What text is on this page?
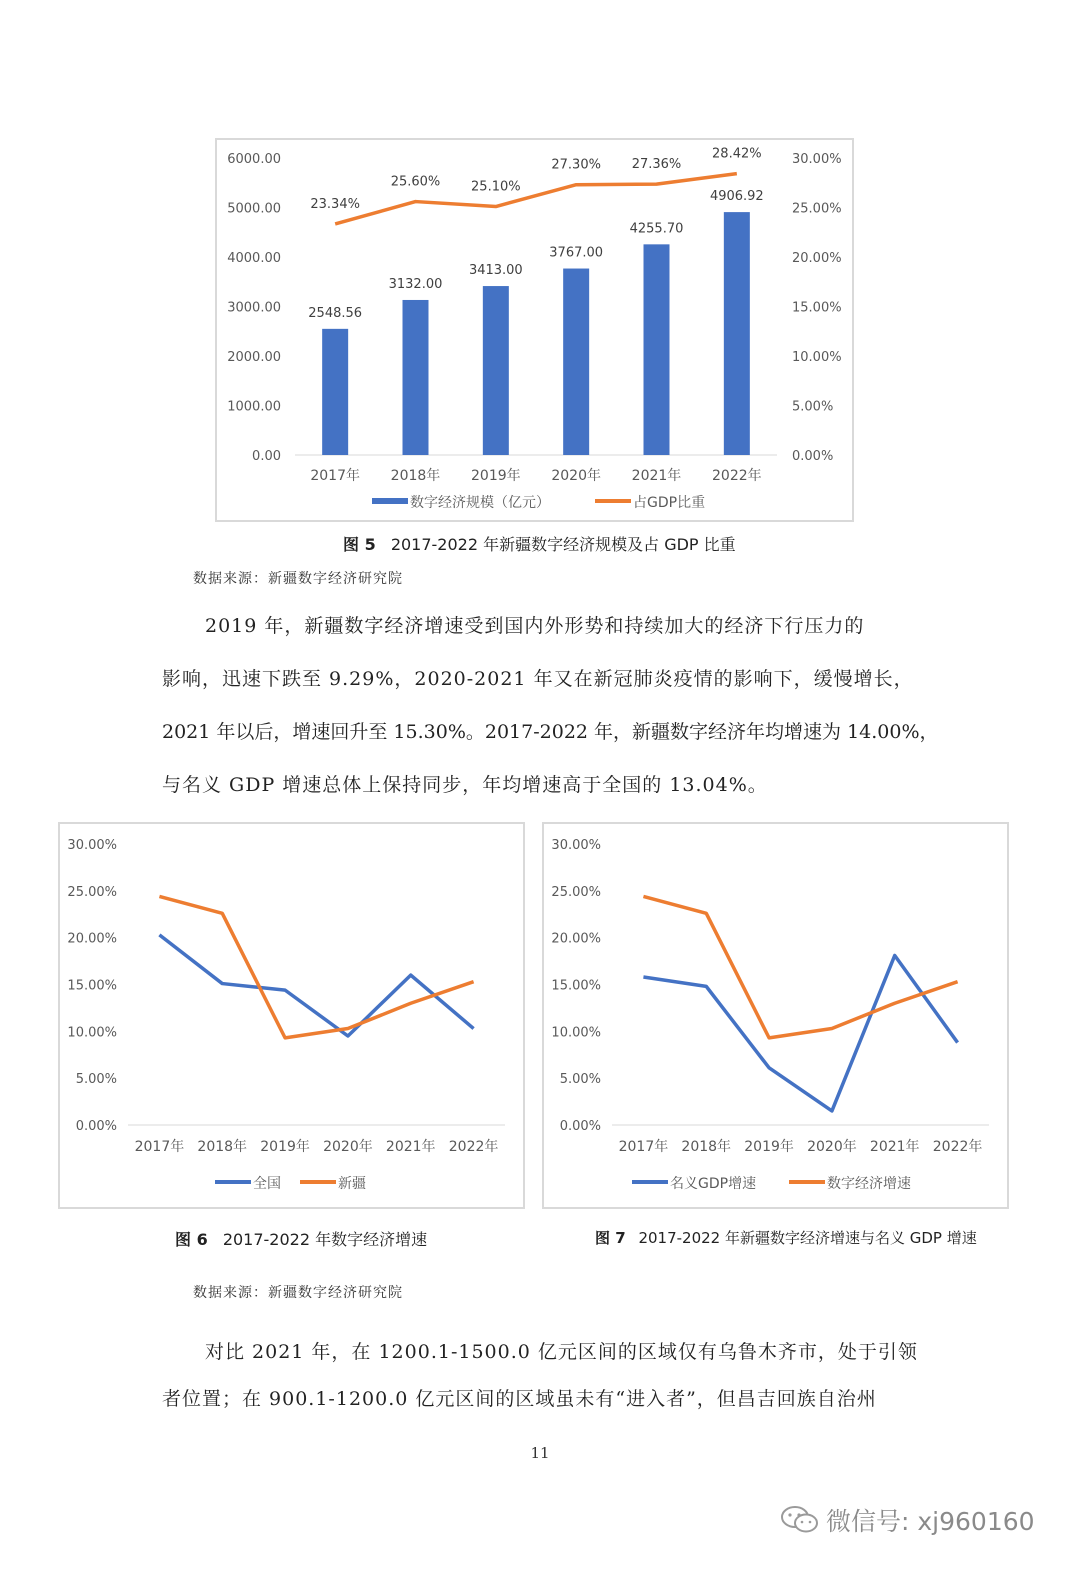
0.00
1000.00
2000.00
3000.00
4000.00
5000.00
6000.00
0.00%
5.00%
10.00%
15.00%
20.00%
25.00%
30.00%
2548.56
3132.00
3413.00
3767.00
4255.70
4906.92
23.34%
25.60% 25.10%
27.30% 27.36%
28.42%
2017年 2018年 2019年 2020年 2021年 2022年
数字经济规模（亿元）	占GDP比重
图 5 2017-2022 年新疆数字经济规模及占 GDP 比重
数据来源：新疆数字经济研究院
2019 年，新疆数字经济增速受到国内外形势和持续加大的经济下行压力的
影响，迅速下跌至 9.29%，2020-2021 年又在新冠肺炎疫情的影响下，缓慢增长，
2021 年以后，增速回升至 15.30%。2017-2022 年，新疆数字经济年均增速为 14.00%，
与名义 GDP 增速总体上保持同步，年均增速高于全国的 13.04%。
0.00%
5.00%
10.00%
15.00%
20.00%
25.00%
30.00%
2017年 2018年 2019年 2020年 2021年 2022年
全国	新疆
0.00%
5.00%
10.00%
15.00%
20.00%
25.00%
30.00%
2017年 2018年 2019年 2020年 2021年 2022年
名义GDP增速	数字经济增速
图 6 2017-2022 年数字经济增速	图 7 2017-2022 年新疆数字经济增速与名义 GDP 增速
数据来源：新疆数字经济研究院
对比 2021 年，在 1200.1-1500.0 亿元区间的区域仅有乌鲁木齐市，处于引领
者位置；在 900.1-1200.0 亿元区间的区域虽未有“进入者”，但昌吉回族自治州
11
微信号: xj960160
